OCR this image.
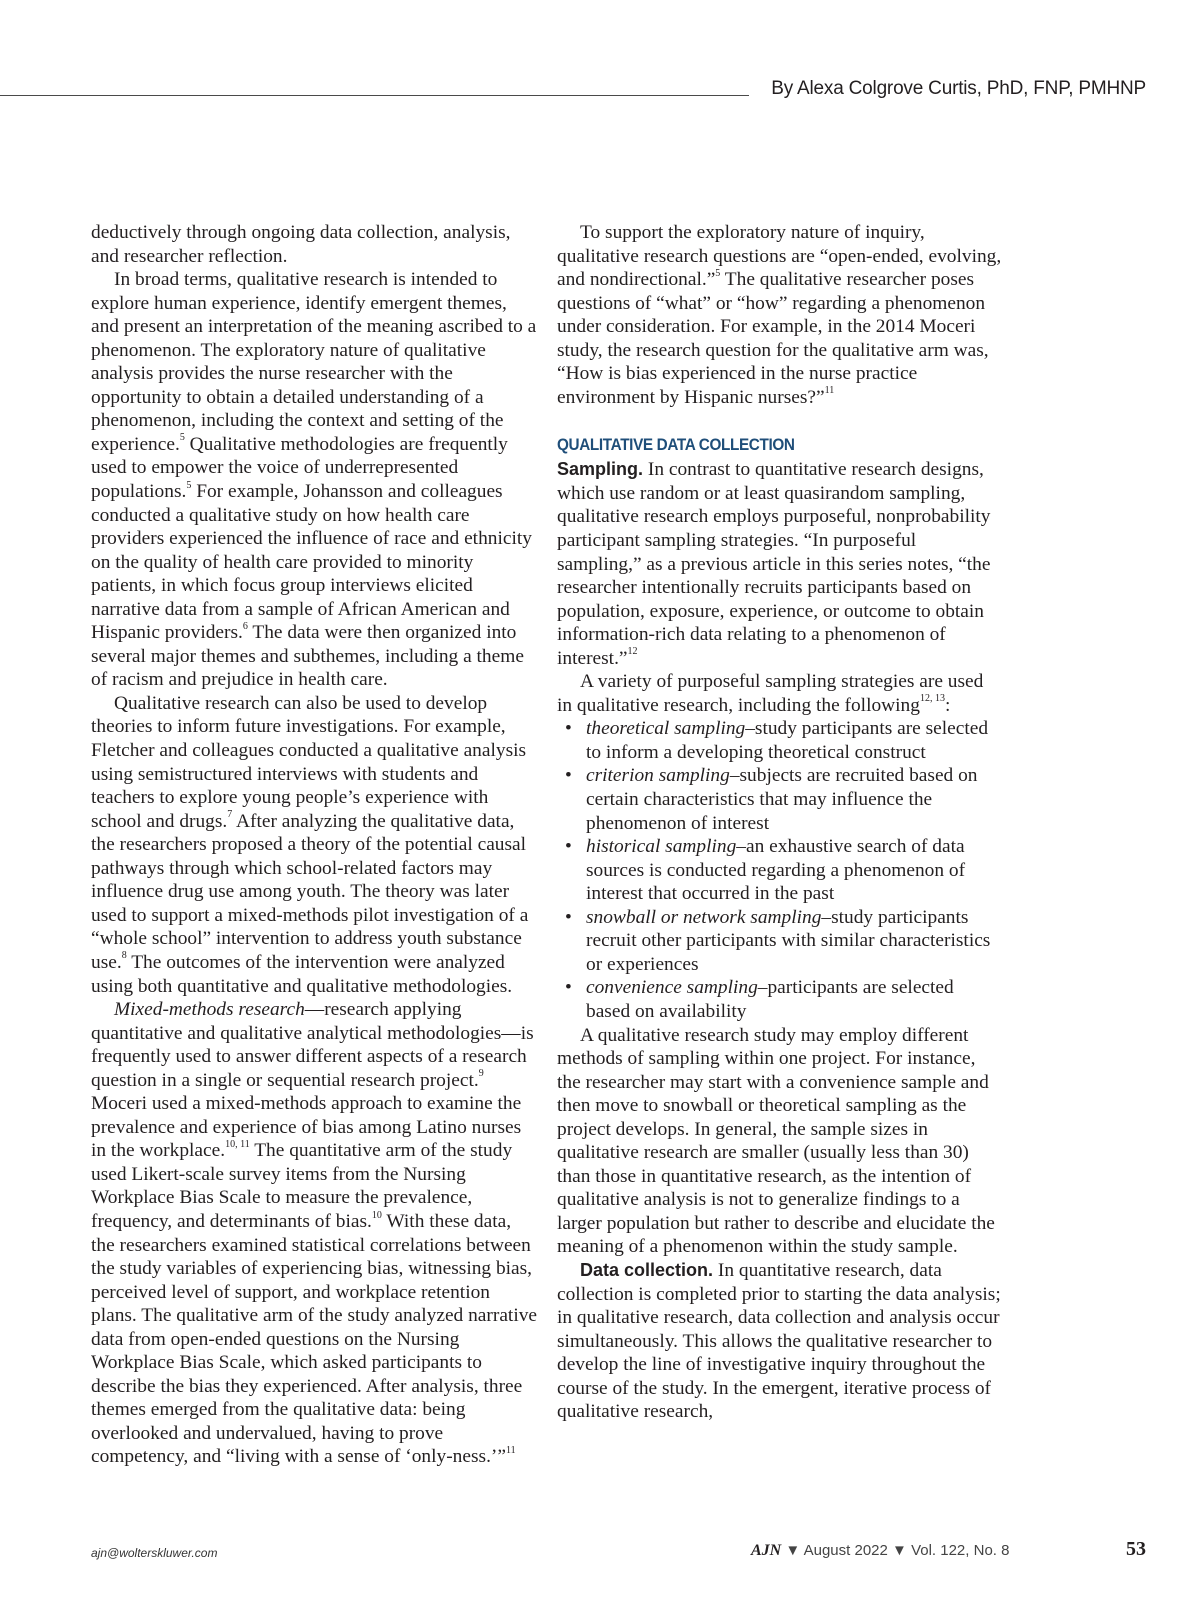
By Alexa Colgrove Curtis, PhD, FNP, PMHNP

deductively through ongoing data collection, analysis, and researcher reflection.

In broad terms, qualitative research is intended to explore human experience, identify emergent themes, and present an interpretation of the meaning ascribed to a phenomenon. The exploratory nature of qualitative analysis provides the nurse researcher with the opportunity to obtain a detailed understanding of a phenomenon, including the context and setting of the experience.$^5$ Qualitative methodologies are frequently used to empower the voice of underrepresented populations.$^5$ For example, Johansson and colleagues conducted a qualitative study on how health care providers experienced the influence of race and ethnicity on the quality of health care provided to minority patients, in which focus group interviews elicited narrative data from a sample of African American and Hispanic providers.$^6$ The data were then organized into several major themes and subthemes, including a theme of racism and prejudice in health care.

Qualitative research can also be used to develop theories to inform future investigations. For example, Fletcher and colleagues conducted a qualitative analysis using semistructured interviews with students and teachers to explore young people’s experience with school and drugs.$^7$ After analyzing the qualitative data, the researchers proposed a theory of the potential causal pathways through which school-related factors may influence drug use among youth. The theory was later used to support a mixed-methods pilot investigation of a “whole school” intervention to address youth substance use.$^8$ The outcomes of the intervention were analyzed using both quantitative and qualitative methodologies.

Mixed-methods research—research applying quantitative and qualitative analytical methodologies—is frequently used to answer different aspects of a research question in a single or sequential research project.$^9$ Moceri used a mixed-methods approach to examine the prevalence and experience of bias among Latino nurses in the workplace.$^{10, 11}$ The quantitative arm of the study used Likert-scale survey items from the Nursing Workplace Bias Scale to measure the prevalence, frequency, and determinants of bias.$^{10}$ With these data, the researchers examined statistical correlations between the study variables of experiencing bias, witnessing bias, perceived level of support, and workplace retention plans. The qualitative arm of the study analyzed narrative data from open-ended questions on the Nursing Workplace Bias Scale, which asked participants to describe the bias they experienced. After analysis, three themes emerged from the qualitative data: being overlooked and undervalued, having to prove competency, and “living with a sense of ‘only-ness.’”$^{11}$

To support the exploratory nature of inquiry, qualitative research questions are “open-ended, evolving, and nondirectional.”$^5$ The qualitative researcher poses questions of “what” or “how” regarding a phenomenon under consideration. For example, in the 2014 Moceri study, the research question for the qualitative arm was, “How is bias experienced in the nurse practice environment by Hispanic nurses?”$^{11}$

QUALITATIVE DATA COLLECTION

Sampling. In contrast to quantitative research designs, which use random or at least quasirandom sampling, qualitative research employs purposeful, nonprobability participant sampling strategies. “In purposeful sampling,” as a previous article in this series notes, “the researcher intentionally recruits participants based on population, exposure, experience, or outcome to obtain information-rich data relating to a phenomenon of interest.”$^{12}$

A variety of purposeful sampling strategies are used in qualitative research, including the following$^{12, 13}$:

• theoretical sampling–study participants are selected to inform a developing theoretical construct
• criterion sampling–subjects are recruited based on certain characteristics that may influence the phenomenon of interest
• historical sampling–an exhaustive search of data sources is conducted regarding a phenomenon of interest that occurred in the past
• snowball or network sampling–study participants recruit other participants with similar characteristics or experiences
• convenience sampling–participants are selected based on availability

A qualitative research study may employ different methods of sampling within one project. For instance, the researcher may start with a convenience sample and then move to snowball or theoretical sampling as the project develops. In general, the sample sizes in qualitative research are smaller (usually less than 30) than those in quantitative research, as the intention of qualitative analysis is not to generalize findings to a larger population but rather to describe and elucidate the meaning of a phenomenon within the study sample.

Data collection. In quantitative research, data collection is completed prior to starting the data analysis; in qualitative research, data collection and analysis occur simultaneously. This allows the qualitative researcher to develop the line of investigative inquiry throughout the course of the study. In the emergent, iterative process of qualitative research,

ajn@wolterskluwer.com	AJN ▼ August 2022 ▼ Vol. 122, No. 8	53
